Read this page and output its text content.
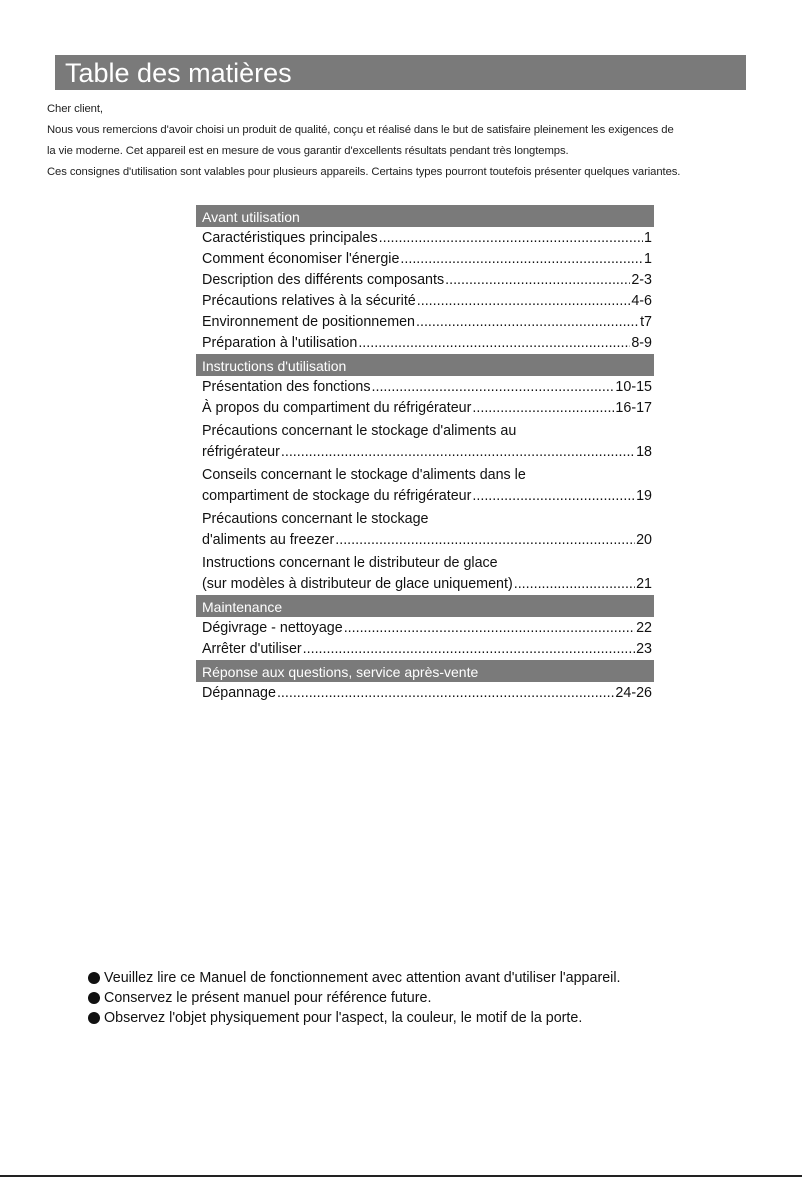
Table des matières
Cher client,
Nous vous remercions d'avoir choisi un produit de qualité, conçu et réalisé dans le but de satisfaire pleinement les exigences de
la vie moderne. Cet appareil est en mesure de vous garantir d'excellents résultats pendant très longtemps.
Ces consignes d'utilisation sont valables pour plusieurs appareils. Certains types pourront toutefois présenter quelques variantes.
Avant utilisation
Caractéristiques principales .....	1
Comment économiser l'énergie .....	1
Description des différents composants .....	2-3
Précautions relatives à la sécurité .....	4-6
Environnement de positionnemen .....	t7
Préparation à l'utilisation .....	8-9
Instructions d'utilisation
Présentation des fonctions .....	10-15
À propos du compartiment du réfrigérateur .....	16-17
Précautions concernant le stockage d'aliments au
réfrigérateur .....	18
Conseils concernant le stockage d'aliments dans le
compartiment de stockage du réfrigérateur .....	19
Précautions concernant le stockage
d'aliments au freezer .....	20
Instructions concernant le distributeur de glace
(sur modèles à distributeur de glace uniquement) .....	21
Maintenance
Dégivrage - nettoyage .....	22
Arrêter d'utiliser .....	23
Réponse aux questions, service après-vente
Dépannage .....	24-26
Veuillez lire ce Manuel de fonctionnement avec attention avant d'utiliser l'appareil.
Conservez le présent manuel pour référence future.
Observez l'objet physiquement pour l'aspect, la couleur, le motif de la porte.
